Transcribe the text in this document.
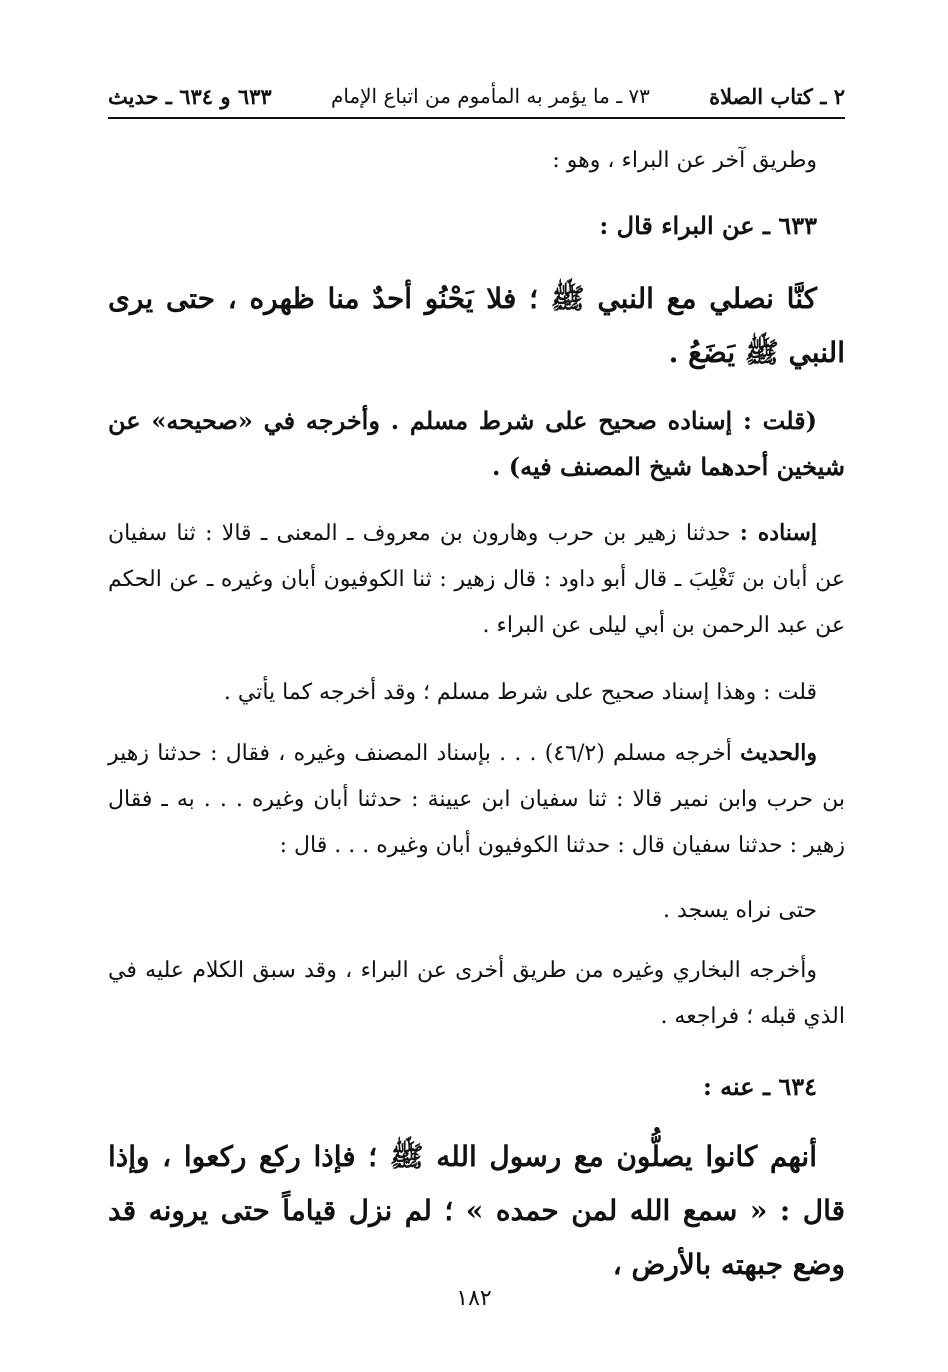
٢ ـ كتاب الصلاة
٧٣ ـ ما يؤمر به المأموم من اتباع الإمام
٦٣٣ و ٦٣٤ ـ حديث
وطريق آخر عن البراء ، وهو :
٦٣٣ ـ عن البراء قال :
كنَّا نصلي مع النبي ﷺ ؛ فلا يَحْنُو أحدٌ منا ظهره ، حتى يرى النبي ﷺ يَضَعُ .
(قلت : إسناده صحيح على شرط مسلم . وأخرجه في «صحيحه» عن شيخين أحدهما شيخ المصنف فيه) .
إسناده : حدثنا زهير بن حرب وهارون بن معروف ـ المعنى ـ قالا : ثنا سفيان عن أبان بن تَغْلِبَ ـ قال أبو داود : قال زهير : ثنا الكوفيون أبان وغيره ـ عن الحكم عن عبد الرحمن بن أبي ليلى عن البراء .
قلت : وهذا إسناد صحيح على شرط مسلم ؛ وقد أخرجه كما يأتي .
والحديث أخرجه مسلم (٤٦/٢) . . . بإسناد المصنف وغيره ، فقال : حدثنا زهير بن حرب وابن نمير قالا : ثنا سفيان ابن عيينة : حدثنا أبان وغيره . . . به ـ فقال زهير : حدثنا سفيان قال : حدثنا الكوفيون أبان وغيره . . . قال :
حتى نراه يسجد .
وأخرجه البخاري وغيره من طريق أخرى عن البراء ، وقد سبق الكلام عليه في الذي قبله ؛ فراجعه .
٦٣٤ ـ عنه :
أنهم كانوا يصلُّون مع رسول الله ﷺ ؛ فإذا ركع ركعوا ، وإذا قال : « سمع الله لمن حمده » ؛ لم نزل قياماً حتى يرونه قد وضع جبهته بالأرض ،
١٨٢
